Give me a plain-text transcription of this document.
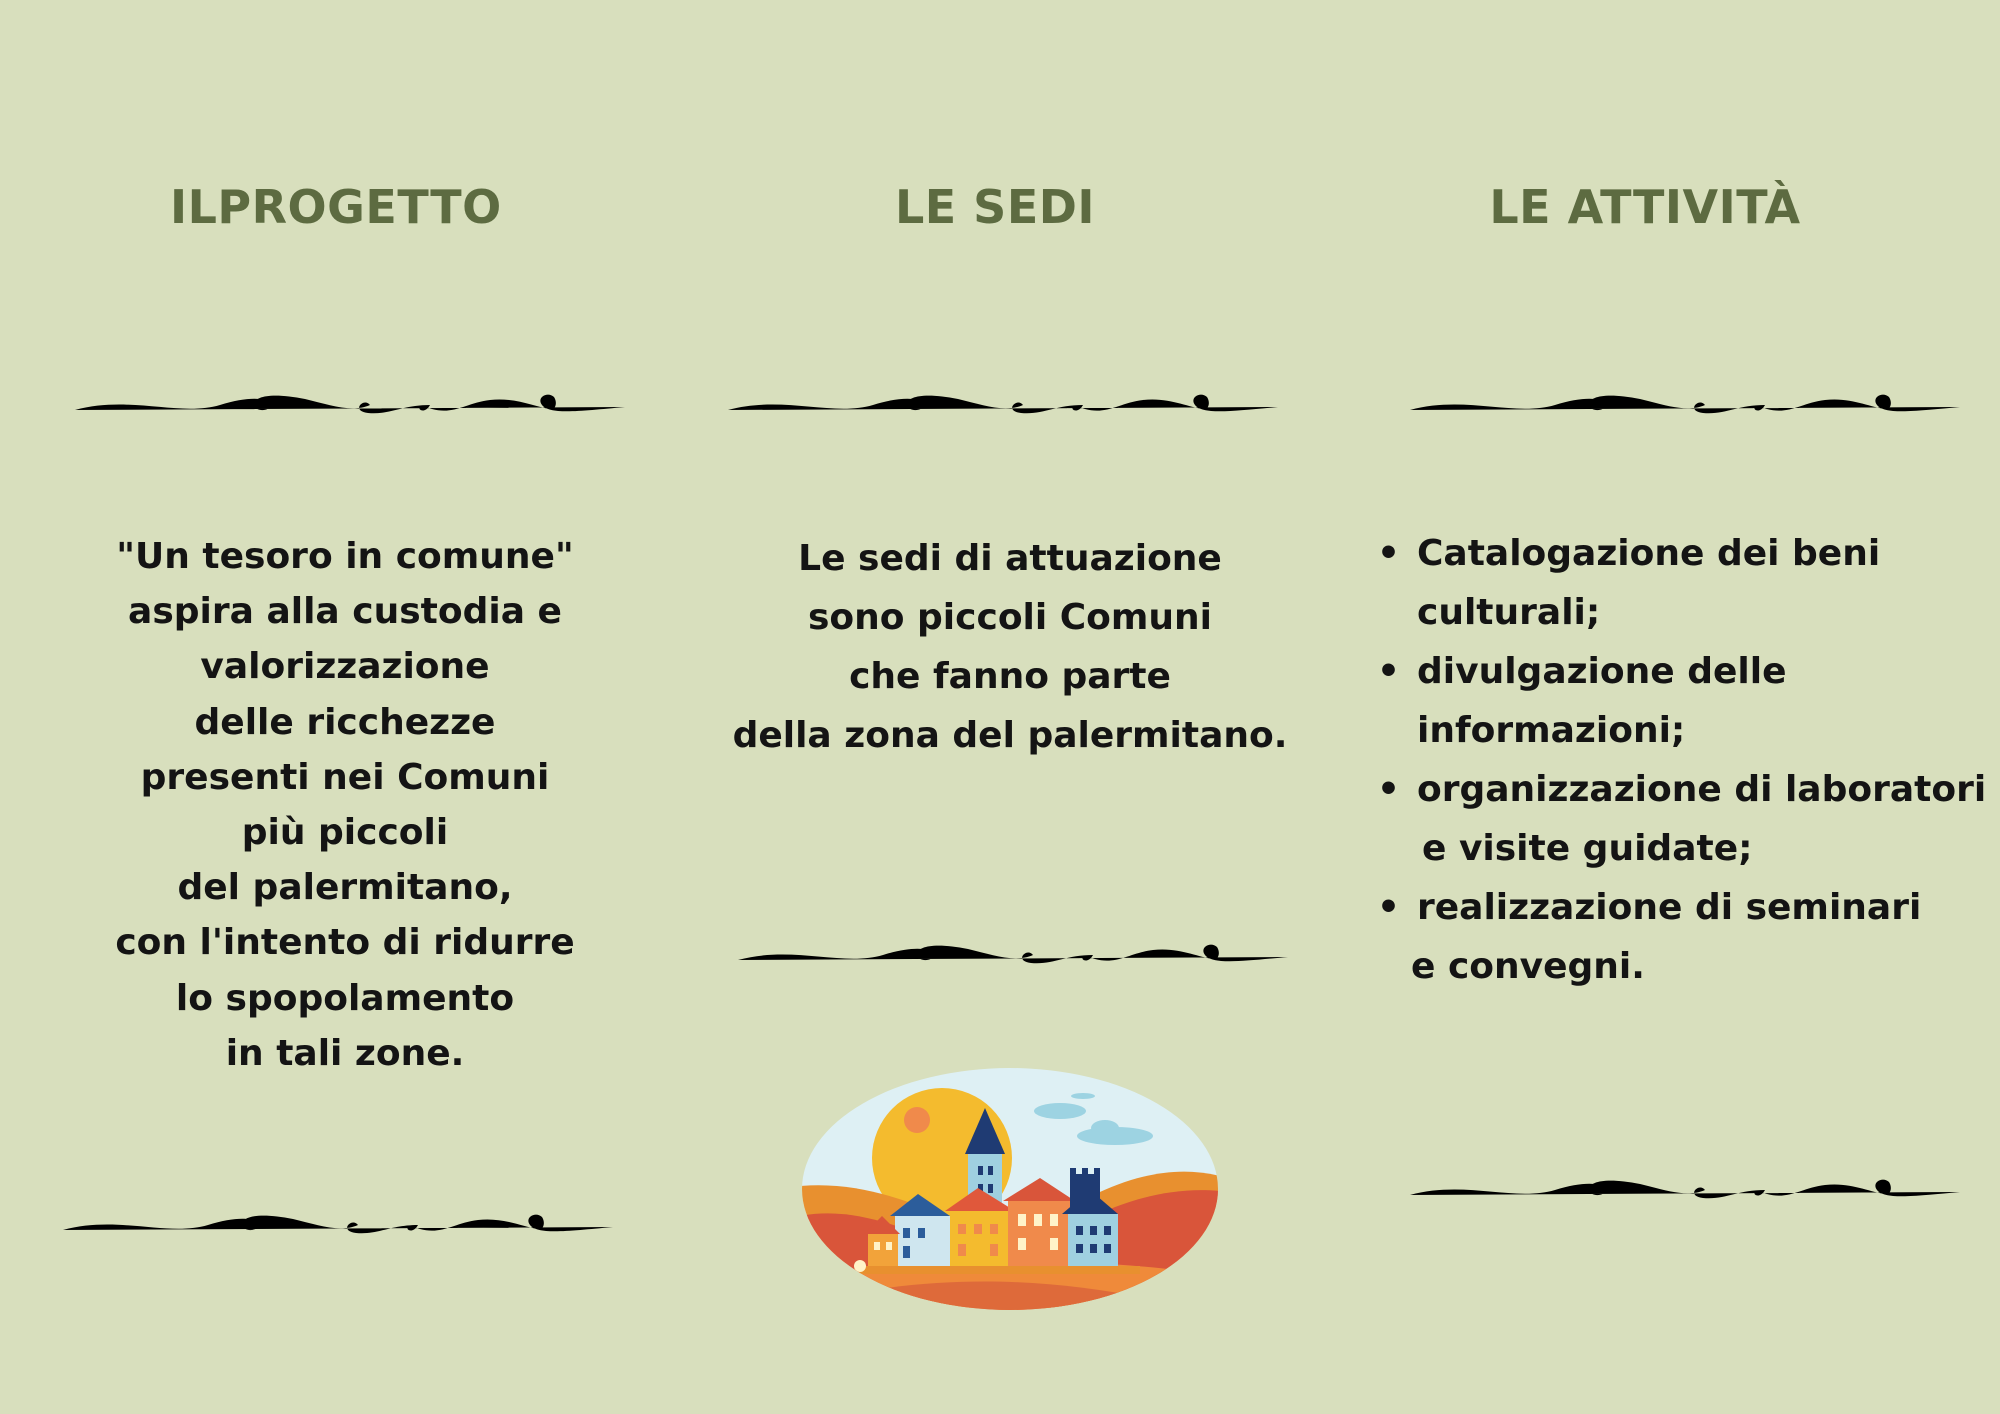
ILPROGETTO	LE SEDI	LE ATTIVITÀ
"Un tesoro in comune"
aspira alla custodia e
valorizzazione
delle ricchezze
presenti nei Comuni
più piccoli
del palermitano,
con l'intento di ridurre
lo spopolamento
in tali zone.
Le sedi di attuazione
sono piccoli Comuni
che fanno parte
della zona del palermitano.
• Catalogazione dei beni
culturali;
• divulgazione delle
informazioni;
• organizzazione di laboratori
e visite guidate;
• realizzazione di seminari
e convegni.
